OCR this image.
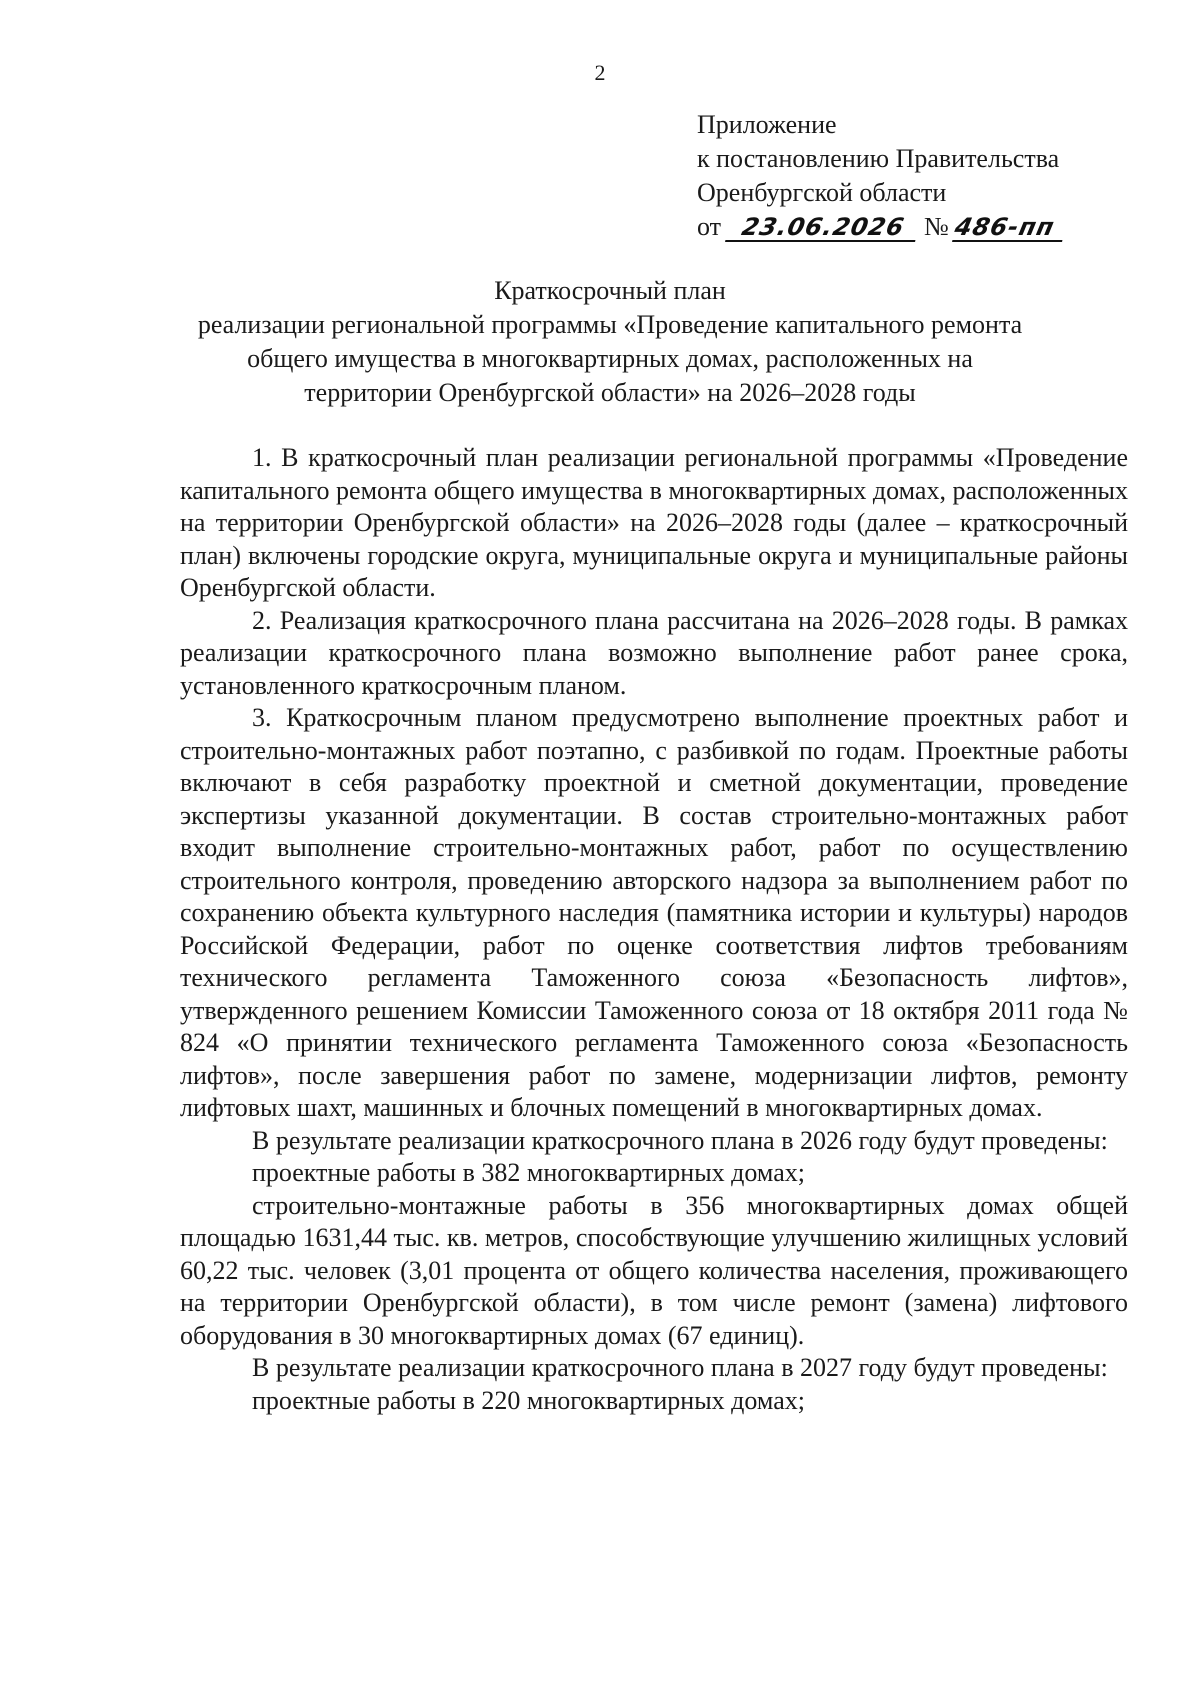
2
Приложение
к постановлению Правительства
Оренбургской области
от 23.06.2026 № 486-пп
Краткосрочный план
реализации региональной программы «Проведение капитального ремонта
общего имущества в многоквартирных домах, расположенных на
территории Оренбургской области» на 2026–2028 годы

1. В краткосрочный план реализации региональной программы «Проведение капитального ремонта общего имущества в многоквартирных домах, расположенных на территории Оренбургской области» на 2026–2028 годы (далее – краткосрочный план) включены городские округа, муниципальные округа и муниципальные районы Оренбургской области.

2. Реализация краткосрочного плана рассчитана на 2026–2028 годы. В рамках реализации краткосрочного плана возможно выполнение работ ранее срока, установленного краткосрочным планом.

3. Краткосрочным планом предусмотрено выполнение проектных работ и строительно-монтажных работ поэтапно, с разбивкой по годам. Проектные работы включают в себя разработку проектной и сметной документации, проведение экспертизы указанной документации. В состав строительно-монтажных работ входит выполнение строительно-монтажных работ, работ по осуществлению строительного контроля, проведению авторского надзора за выполнением работ по сохранению объекта культурного наследия (памятника истории и культуры) народов Российской Федерации, работ по оценке соответствия лифтов требованиям технического регламента Таможенного союза «Безопасность лифтов», утвержденного решением Комиссии Таможенного союза от 18 октября 2011 года № 824 «О принятии технического регламента Таможенного союза «Безопасность лифтов», после завершения работ по замене, модернизации лифтов, ремонту лифтовых шахт, машинных и блочных помещений в многоквартирных домах.

В результате реализации краткосрочного плана в 2026 году будут проведены:

проектные работы в 382 многоквартирных домах;

строительно-монтажные работы в 356 многоквартирных домах общей площадью 1631,44 тыс. кв. метров, способствующие улучшению жилищных условий 60,22 тыс. человек (3,01 процента от общего количества населения, проживающего на территории Оренбургской области), в том числе ремонт (замена) лифтового оборудования в 30 многоквартирных домах (67 единиц).

В результате реализации краткосрочного плана в 2027 году будут проведены:

проектные работы в 220 многоквартирных домах;
